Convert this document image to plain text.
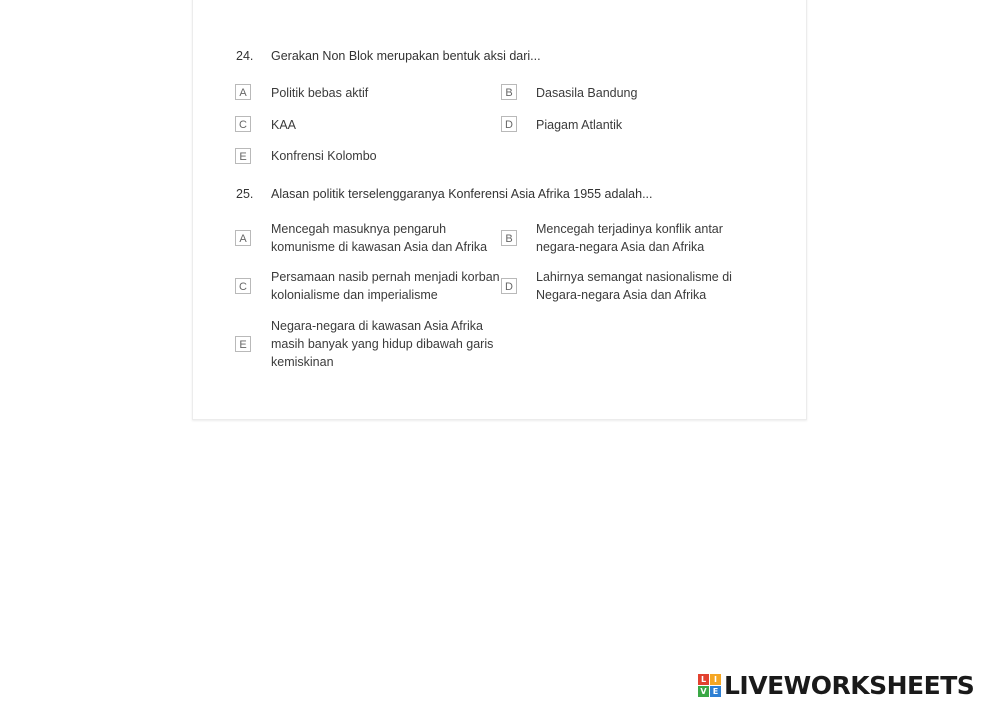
24. Gerakan Non Blok merupakan bentuk aksi dari...
A	Politik bebas aktif	B	Dasasila Bandung
C	KAA	D	Piagam Atlantik
E	Konfrensi Kolombo
25. Alasan politik terselenggaranya Konferensi Asia Afrika 1955 adalah...
A
Mencegah masuknya pengaruh komunisme di kawasan Asia dan Afrika
B
Mencegah terjadinya konflik antar negara-negara Asia dan Afrika
C
Persamaan nasib pernah menjadi korban kolonialisme dan imperialisme
D
Lahirnya semangat nasionalisme di Negara-negara Asia dan Afrika
E
Negara-negara di kawasan Asia Afrika masih banyak yang hidup dibawah garis kemiskinan
L I
V E LIVEWORKSHEETS
